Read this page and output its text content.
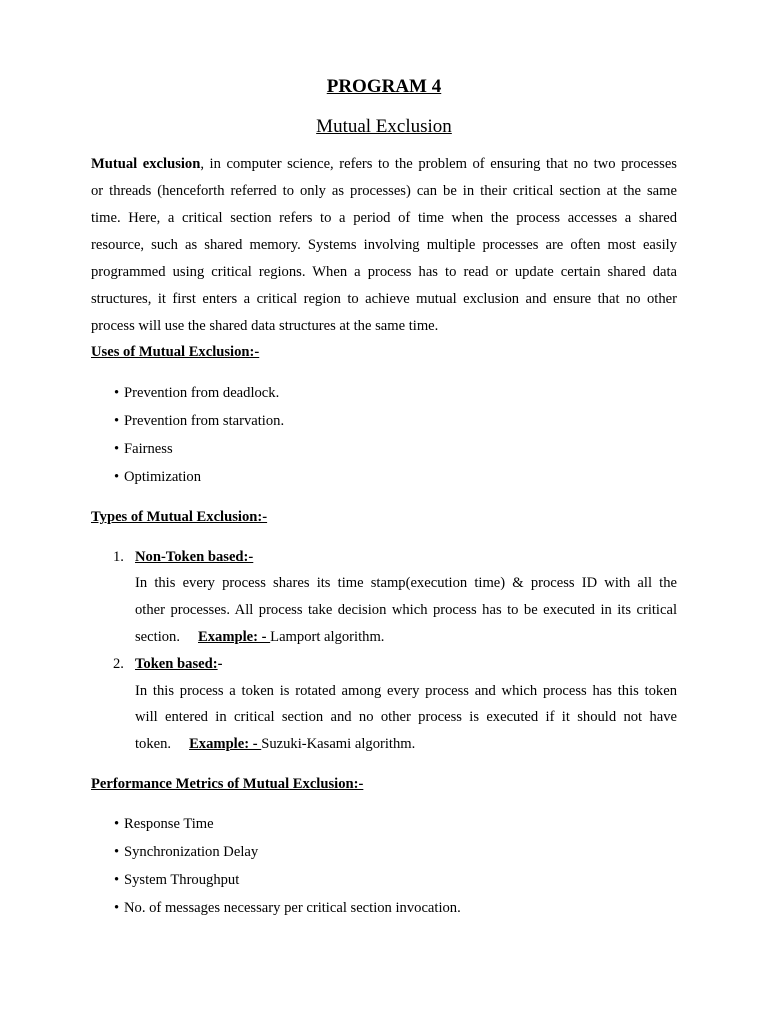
PROGRAM 4
Mutual Exclusion
Mutual exclusion, in computer science, refers to the problem of ensuring that no two processes
or threads (henceforth referred to only as processes) can be in their critical section at the same
time. Here, a critical section refers to a period of time when the process accesses a shared
resource, such as shared memory. Systems involving multiple processes are often most easily
programmed using critical regions. When a process has to read or update certain shared data
structures, it first enters a critical region to achieve mutual exclusion and ensure that no other
process will use the shared data structures at the same time.
Uses of Mutual Exclusion:-
• Prevention from deadlock.
• Prevention from starvation.
• Fairness
• Optimization
Types of Mutual Exclusion:-
1. Non-Token based:-
In this every process shares its time stamp(execution time) & process ID with all the
other processes. All process take decision which process has to be executed in its critical
section. Example: - Lamport algorithm.
2. Token based:-
In this process a token is rotated among every process and which process has this token
will entered in critical section and no other process is executed if it should not have
token. Example: - Suzuki-Kasami algorithm.
Performance Metrics of Mutual Exclusion:-
• Response Time
• Synchronization Delay
• System Throughput
• No. of messages necessary per critical section invocation.
